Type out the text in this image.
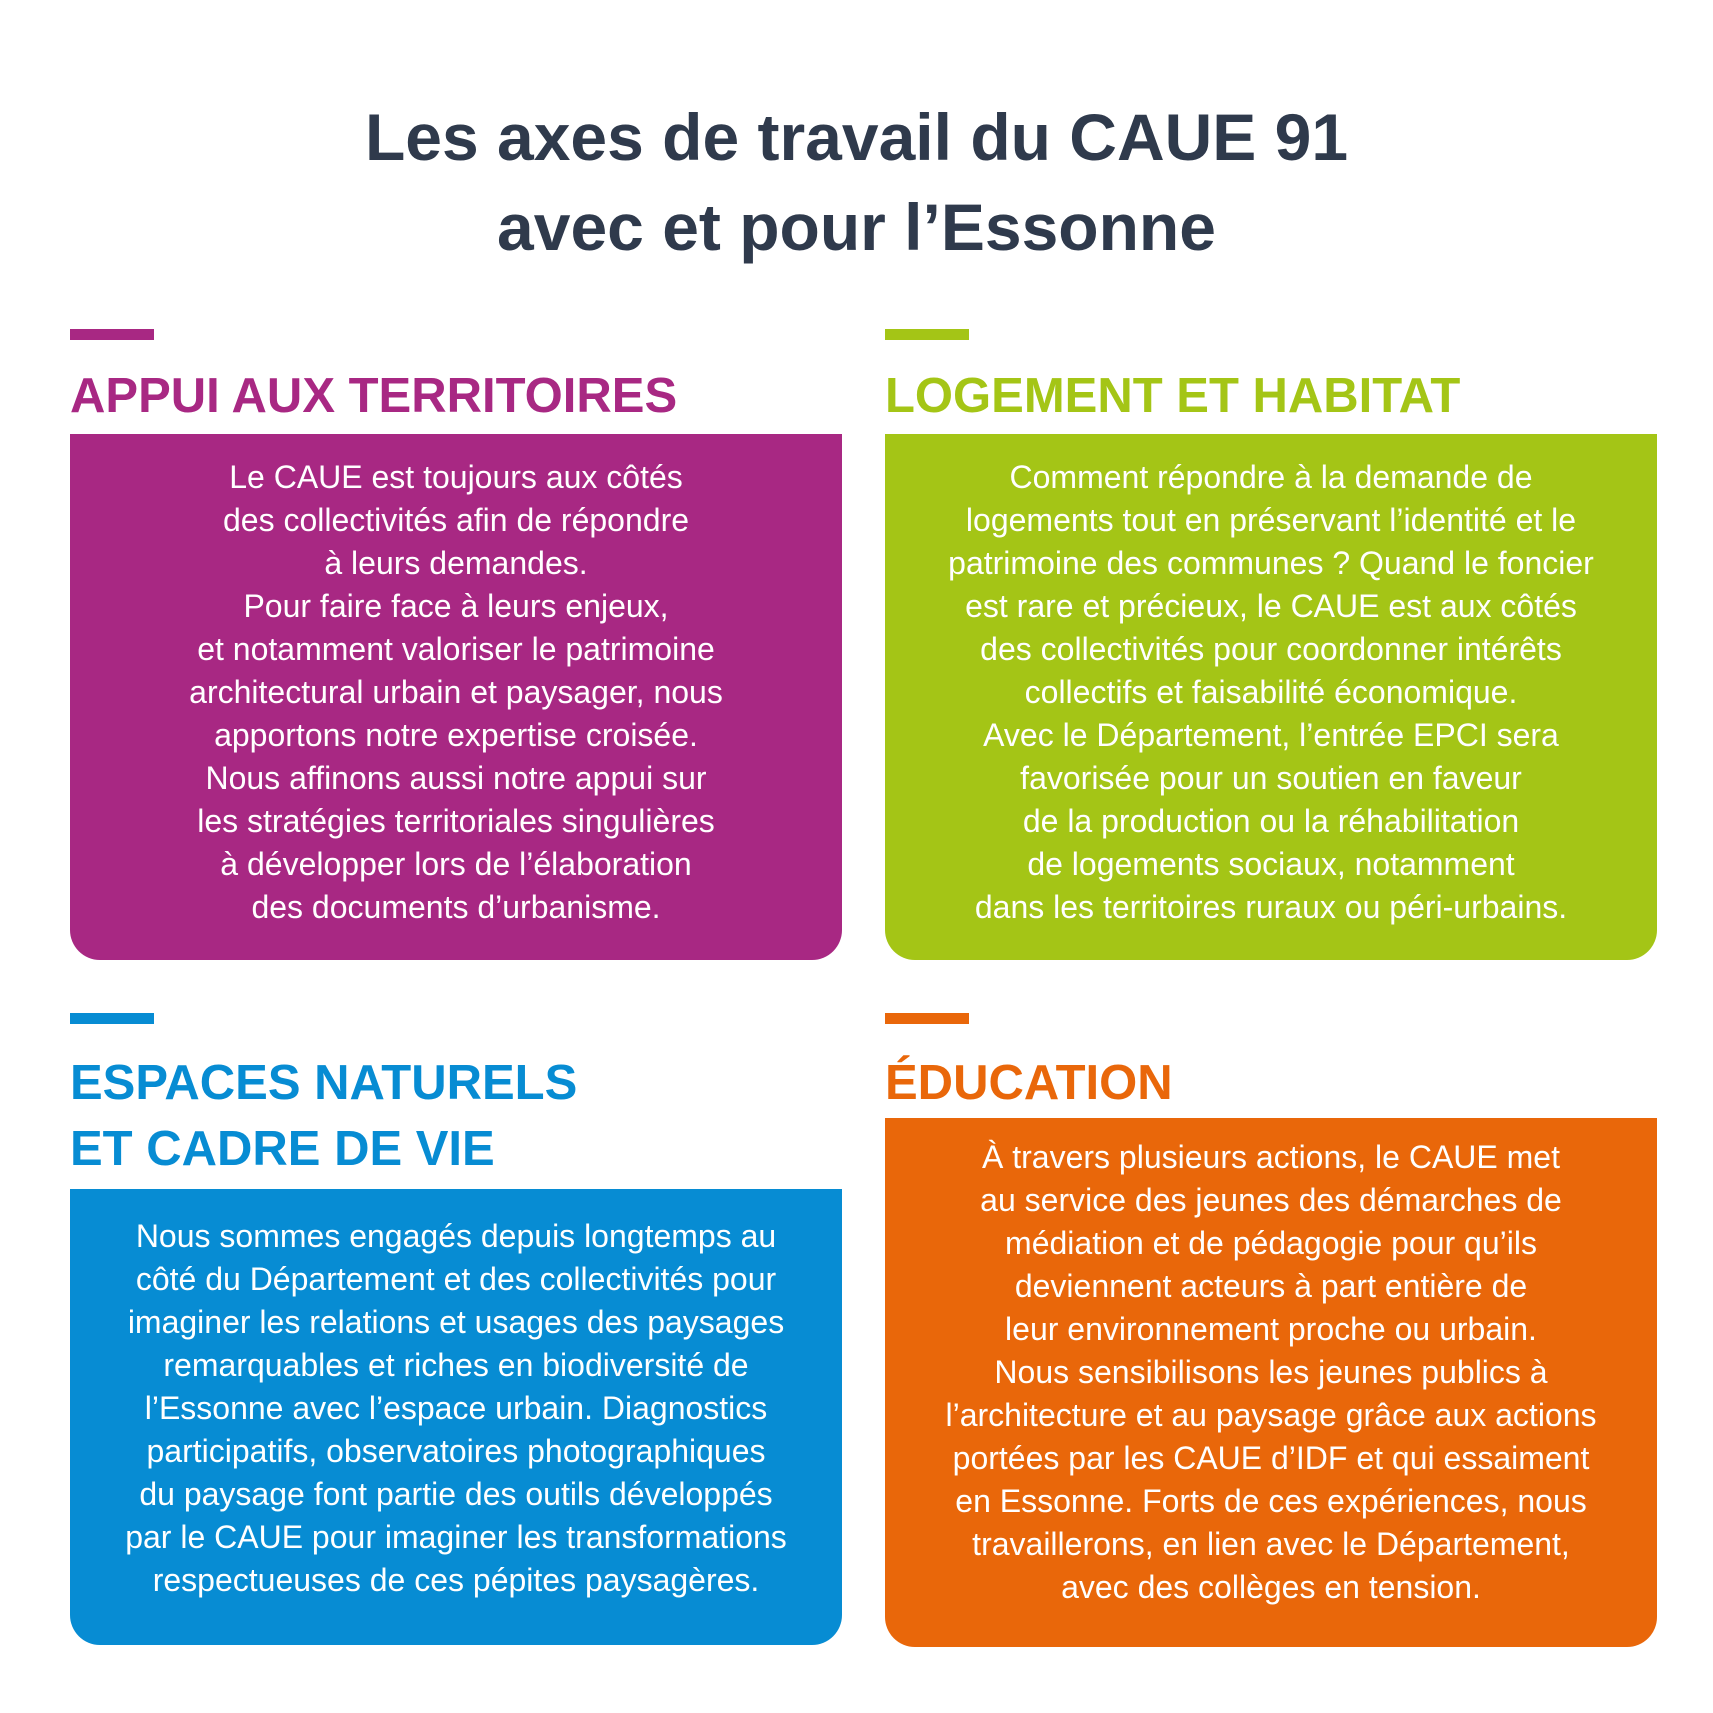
Les axes de travail du CAUE 91
avec et pour l’Essonne
APPUI AUX TERRITOIRES

Le CAUE est toujours aux côtés
des collectivités afin de répondre
à leurs demandes.
Pour faire face à leurs enjeux,
et notamment valoriser le patrimoine
architectural urbain et paysager, nous
apportons notre expertise croisée.
Nous affinons aussi notre appui sur
les stratégies territoriales singulières
à développer lors de l’élaboration
des documents d’urbanisme.

LOGEMENT ET HABITAT

Comment répondre à la demande de
logements tout en préservant l’identité et le
patrimoine des communes ? Quand le foncier
est rare et précieux, le CAUE est aux côtés
des collectivités pour coordonner intérêts
collectifs et faisabilité économique.
Avec le Département, l’entrée EPCI sera
favorisée pour un soutien en faveur
de la production ou la réhabilitation
de logements sociaux, notamment
dans les territoires ruraux ou péri-urbains.

ESPACES NATURELS
ET CADRE DE VIE

Nous sommes engagés depuis longtemps au
côté du Département et des collectivités pour
imaginer les relations et usages des paysages
remarquables et riches en biodiversité de
l’Essonne avec l’espace urbain. Diagnostics
participatifs, observatoires photographiques
du paysage font partie des outils développés
par le CAUE pour imaginer les transformations
respectueuses de ces pépites paysagères.

ÉDUCATION

À travers plusieurs actions, le CAUE met
au service des jeunes des démarches de
médiation et de pédagogie pour qu’ils
deviennent acteurs à part entière de
leur environnement proche ou urbain.
Nous sensibilisons les jeunes publics à
l’architecture et au paysage grâce aux actions
portées par les CAUE d’IDF et qui essaiment
en Essonne. Forts de ces expériences, nous
travaillerons, en lien avec le Département,
avec des collèges en tension.
